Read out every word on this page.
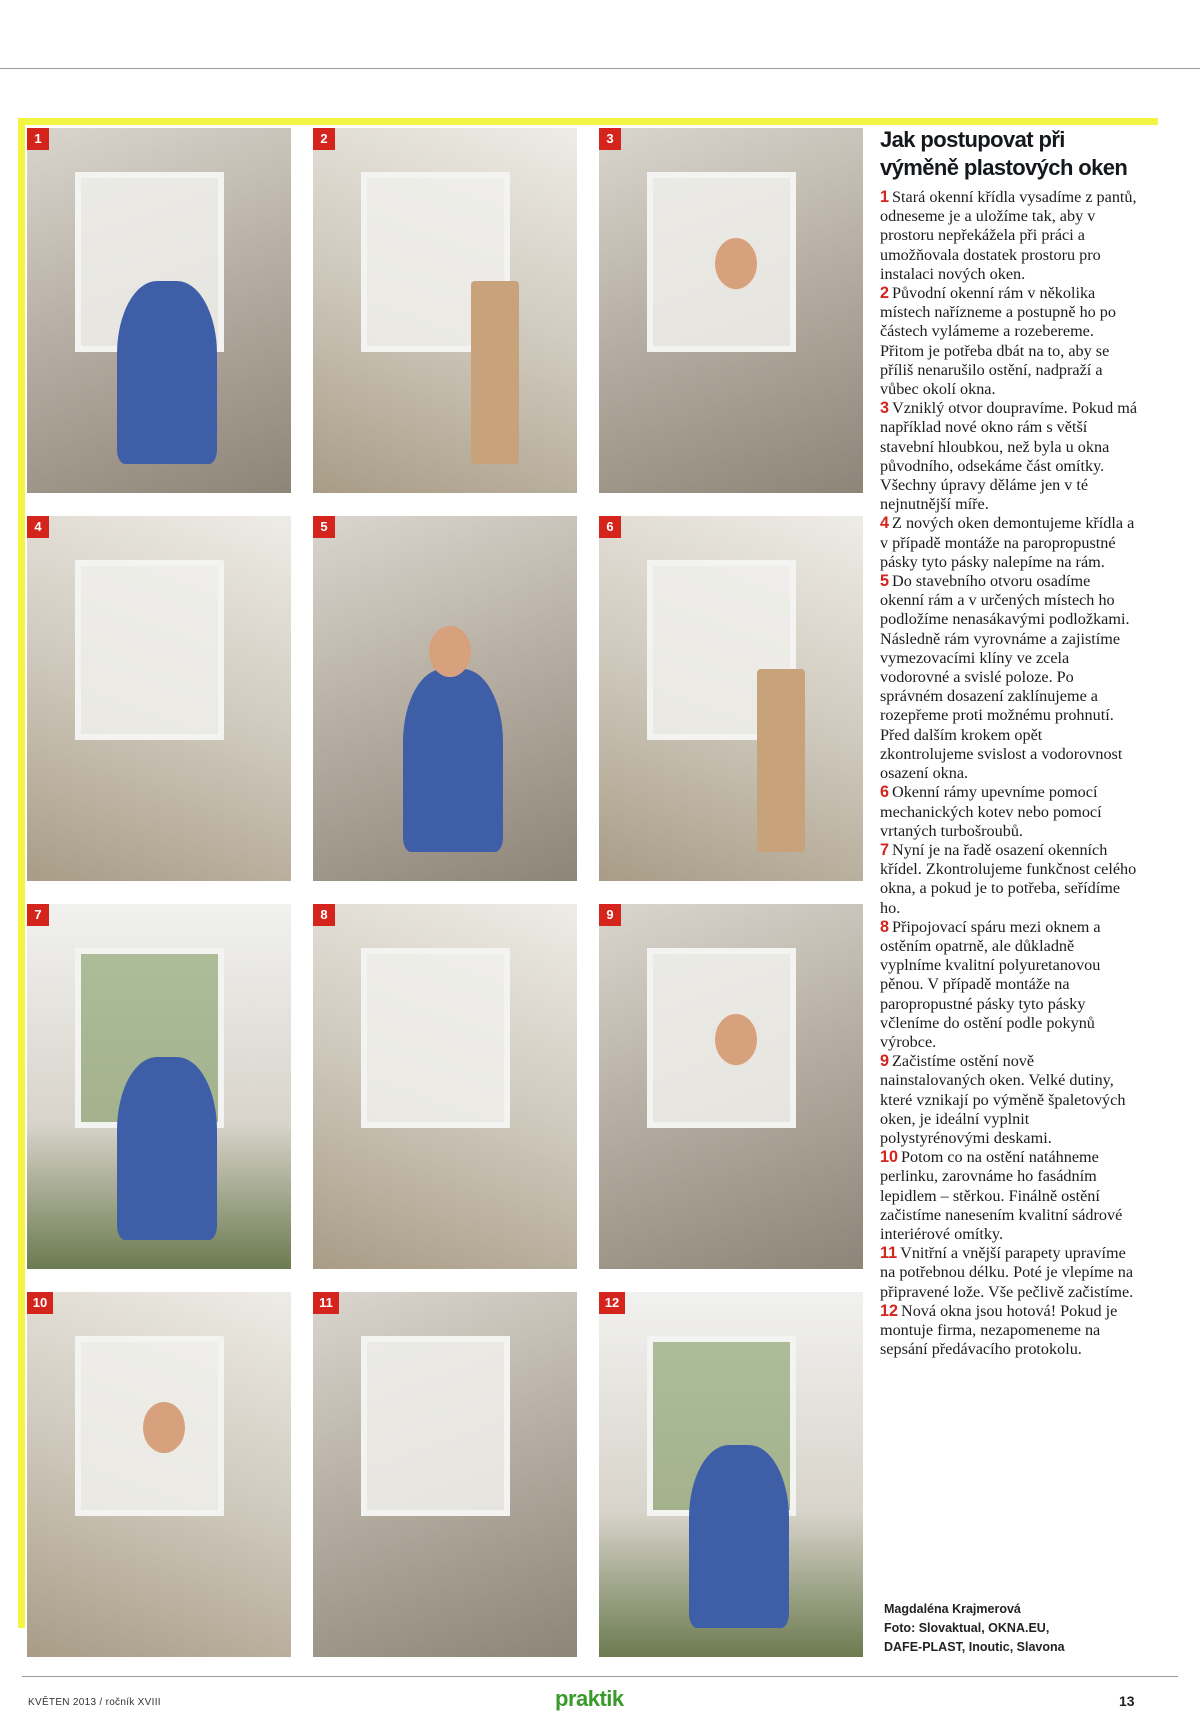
1	2	3
4	5	6
7	8	9
10	11	12
Jak postupovat při výměně plastových oken

1 Stará okenní křídla vysadíme z pantů, odneseme je a uložíme tak, aby v prostoru nepřekážela při práci a umožňovala dostatek prostoru pro instalaci nových oken.

2 Původní okenní rám v několika místech nařízneme a postupně ho po částech vylámeme a rozebereme. Přitom je potřeba dbát na to, aby se příliš nenarušilo ostění, nadpraží a vůbec okolí okna.

3 Vzniklý otvor doupravíme. Pokud má například nové okno rám s větší stavební hloubkou, než byla u okna původního, odsekáme část omítky. Všechny úpravy děláme jen v té nejnutnější míře.

4 Z nových oken demontujeme křídla a v případě montáže na paropropustné pásky tyto pásky nalepíme na rám.

5 Do stavebního otvoru osadíme okenní rám a v určených místech ho podložíme nenasákavými podložkami. Následně rám vyrovnáme a zajistíme vymezovacími klíny ve zcela vodorovné a svislé poloze. Po správném dosazení zaklínujeme a rozepřeme proti možnému prohnutí. Před dalším krokem opět zkontrolujeme svislost a vodorovnost osazení okna.

6 Okenní rámy upevníme pomocí mechanických kotev nebo pomocí vrtaných turbošroubů.

7 Nyní je na řadě osazení okenních křídel. Zkontrolujeme funkčnost celého okna, a pokud je to potřeba, seřídíme ho.

8 Připojovací spáru mezi oknem a ostěním opatrně, ale důkladně vyplníme kvalitní polyuretanovou pěnou. V případě montáže na paropropustné pásky tyto pásky včleníme do ostění podle pokynů výrobce.

9 Začistíme ostění nově nainstalovaných oken. Velké dutiny, které vznikají po výměně špaletových oken, je ideální vyplnit polystyrénovými deskami.

10 Potom co na ostění natáhneme perlinku, zarovnáme ho fasádním lepidlem – stěrkou. Finálně ostění začistíme nanesením kvalitní sádrové interiérové omítky.

11 Vnitřní a vnější parapety upravíme na potřebnou délku. Poté je vlepíme na připravené lože. Vše pečlivě začistíme.

12 Nová okna jsou hotová! Pokud je montuje firma, nezapomeneme na sepsání předávacího protokolu.

Magdaléna Krajmerová
Foto: Slovaktual, OKNA.EU,
DAFE-PLAST, Inoutic, Slavona
KVĚTEN 2013 / ročník XVIII	praktik	13
